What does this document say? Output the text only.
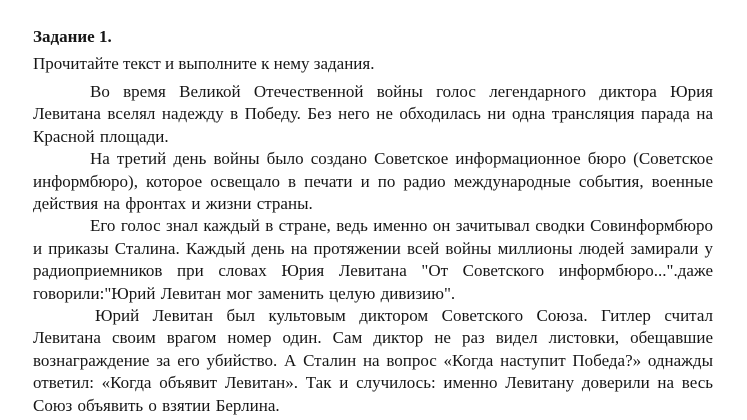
Задание 1.

Прочитайте текст и выполните к нему задания.

Во время Великой Отечественной войны голос легендарного диктора Юрия Левитана вселял надежду в Победу. Без него не обходилась ни одна трансляция парада на Красной площади.

На третий день войны было создано Советское информационное бюро (Советское информбюро), которое освещало в печати и по радио международные события, военные действия на фронтах и жизни страны.

Его голос знал каждый в стране, ведь именно он зачитывал сводки Совинформбюро и приказы Сталина. Каждый день на протяжении всей войны миллионы людей замирали у радиоприемников при словах Юрия Левитана "От Советского информбюро...".даже говорили:"Юрий Левитан мог заменить целую дивизию".

Юрий Левитан был культовым диктором Советского Союза. Гитлер считал Левитана своим врагом номер один. Сам диктор не раз видел листовки, обещавшие вознаграждение за его убийство. А Сталин на вопрос «Когда наступит Победа?» однажды ответил: «Когда объявит Левитан». Так и случилось: именно Левитану доверили на весь Союз объявить о взятии Берлина.
